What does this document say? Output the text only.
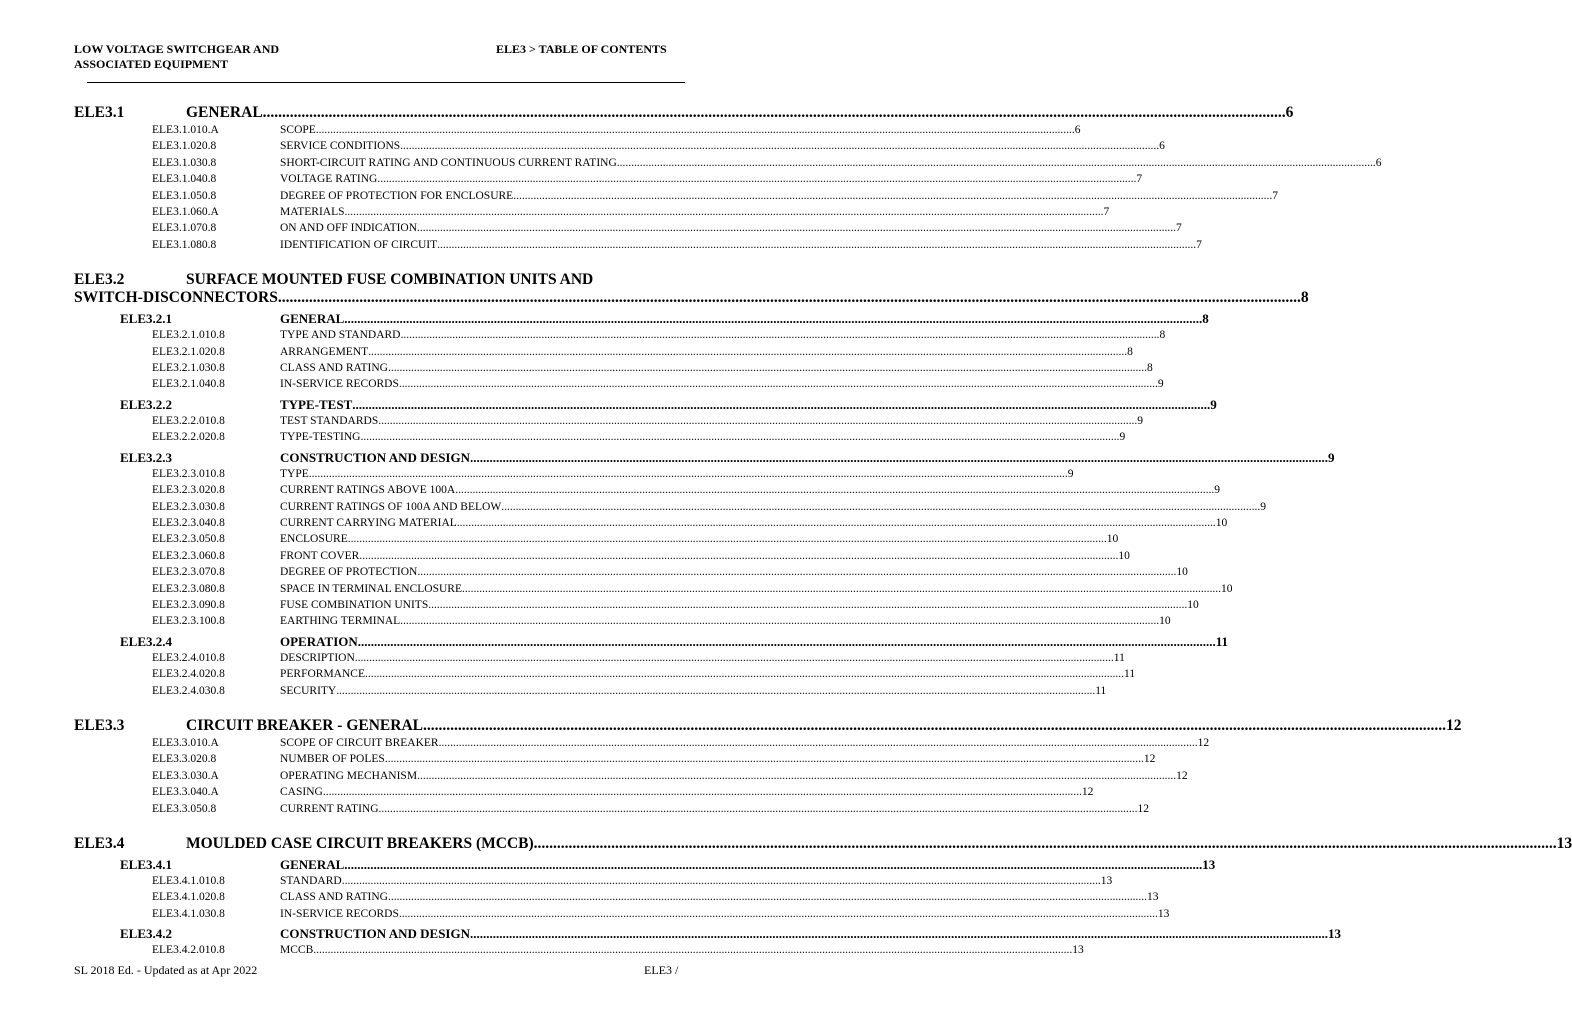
LOW VOLTAGE SWITCHGEAR AND
ASSOCIATED EQUIPMENT
ELE3 > TABLE OF CONTENTS
ELE3.1	GENERAL .....	6
ELE3.1.010.A	SCOPE .....	6
ELE3.1.020.8	SERVICE CONDITIONS .....	6
ELE3.1.030.8	SHORT-CIRCUIT RATING AND CONTINUOUS CURRENT RATING .....	6
ELE3.1.040.8	VOLTAGE RATING .....	7
ELE3.1.050.8	DEGREE OF PROTECTION FOR ENCLOSURE .....	7
ELE3.1.060.A	MATERIALS .....	7
ELE3.1.070.8	ON AND OFF INDICATION .....	7
ELE3.1.080.8	IDENTIFICATION OF CIRCUIT .....	7
ELE3.2	SURFACE MOUNTED FUSE COMBINATION UNITS AND
SWITCH-DISCONNECTORS .....	8
ELE3.2.1	GENERAL .....	8
ELE3.2.1.010.8	TYPE AND STANDARD .....	8
ELE3.2.1.020.8	ARRANGEMENT .....	8
ELE3.2.1.030.8	CLASS AND RATING .....	8
ELE3.2.1.040.8	IN-SERVICE RECORDS .....	9
ELE3.2.2	TYPE-TEST .....	9
ELE3.2.2.010.8	TEST STANDARDS .....	9
ELE3.2.2.020.8	TYPE-TESTING .....	9
ELE3.2.3	CONSTRUCTION AND DESIGN .....	9
ELE3.2.3.010.8	TYPE .....	9
ELE3.2.3.020.8	CURRENT RATINGS ABOVE 100A .....	9
ELE3.2.3.030.8	CURRENT RATINGS OF 100A AND BELOW .....	9
ELE3.2.3.040.8	CURRENT CARRYING MATERIAL .....	10
ELE3.2.3.050.8	ENCLOSURE .....	10
ELE3.2.3.060.8	FRONT COVER .....	10
ELE3.2.3.070.8	DEGREE OF PROTECTION .....	10
ELE3.2.3.080.8	SPACE IN TERMINAL ENCLOSURE .....	10
ELE3.2.3.090.8	FUSE COMBINATION UNITS .....	10
ELE3.2.3.100.8	EARTHING TERMINAL .....	10
ELE3.2.4	OPERATION .....	11
ELE3.2.4.010.8	DESCRIPTION .....	11
ELE3.2.4.020.8	PERFORMANCE .....	11
ELE3.2.4.030.8	SECURITY .....	11
ELE3.3	CIRCUIT BREAKER - GENERAL .....	12
ELE3.3.010.A	SCOPE OF CIRCUIT BREAKER .....	12
ELE3.3.020.8	NUMBER OF POLES .....	12
ELE3.3.030.A	OPERATING MECHANISM .....	12
ELE3.3.040.A	CASING .....	12
ELE3.3.050.8	CURRENT RATING .....	12
ELE3.4	MOULDED CASE CIRCUIT BREAKERS (MCCB) .....	13
ELE3.4.1	GENERAL .....	13
ELE3.4.1.010.8	STANDARD .....	13
ELE3.4.1.020.8	CLASS AND RATING .....	13
ELE3.4.1.030.8	IN-SERVICE RECORDS .....	13
ELE3.4.2	CONSTRUCTION AND DESIGN .....	13
ELE3.4.2.010.8	MCCB .....	13
SL 2018 Ed. - Updated as at Apr 2022	ELE3 /
